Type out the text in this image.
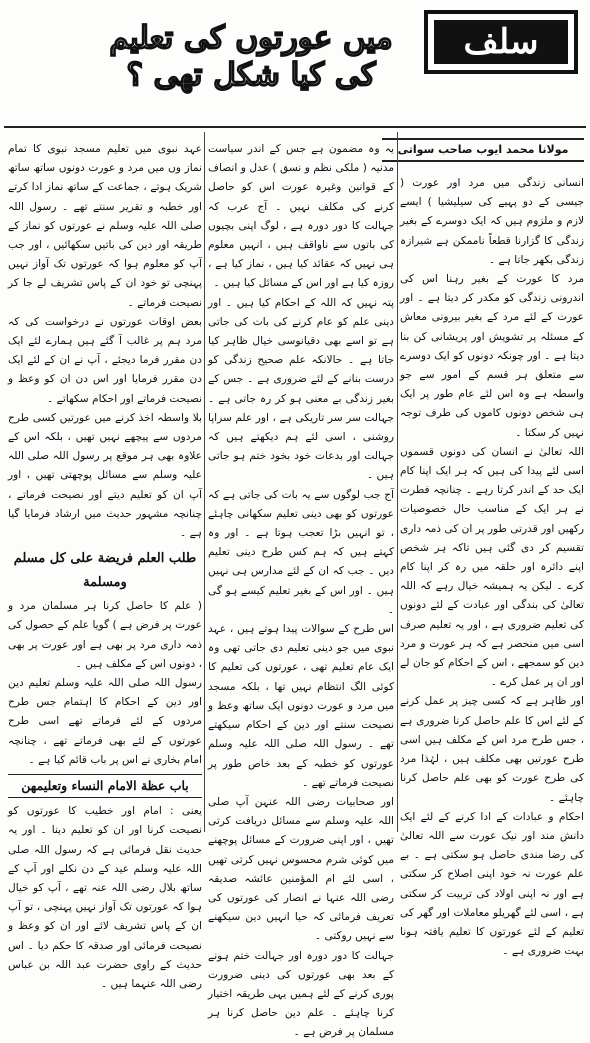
سلف
میں عورتوں کی تعلیم
کی کیا شکل تھی ؟
مولانا محمد ایوب صاحب سواتی

انسانی زندگی میں مرد اور عورت ( جیسی کے دو پہیے کی سیلیشیا ) ایسے لازم و ملزوم ہیں کہ ایک دوسرے کے بغیر زندگی کا گزارنا قطعاً ناممکن ہے شیرازہ زندگی بکھر جاتا ہے ۔

مرد کا عورت کے بغیر رہنا اس کی اندرونی زندگی کو مکدر کر دیتا ہے ۔ اور عورت کے لئے مرد کے بغیر بیرونی معاش کے مسئلہ پر تشویش اور پریشانی کن بنا دیتا ہے ۔ اور چونکہ دونوں کو ایک دوسرے سے متعلق ہر قسم کے امور سے جو واسطہ ہے وہ اس لئے عام طور پر ایک ہی شخص دونوں کاموں کی طرف توجہ نہیں کر سکتا ۔

اللہ تعالیٰ نے انسان کی دونوں قسموں اسی لئے پیدا کی ہیں کہ ہر ایک اپنا کام ایک حد کے اندر کرتا رہے ۔ چنانچہ فطرت نے ہر ایک کے مناسب حال خصوصیات رکھیں اور قدرتی طور پر ان کی ذمہ داری تقسیم کر دی گئی ہیں تاکہ ہر شخص اپنے دائرہ اور حلقہ میں رہ کر اپنا کام کرے ۔ لیکن یہ ہمیشہ خیال رہے کہ اللہ تعالیٰ کی بندگی اور عبادت کے لئے دونوں کی تعلیم ضروری ہے ، اور یہ تعلیم صرف اسی میں منحصر ہے کہ ہر عورت و مرد دین کو سمجھے ، اس کے احکام کو جان لے اور ان پر عمل کرے ۔

اور ظاہر ہے کہ کسی چیز پر عمل کرنے کے لئے اس کا علم حاصل کرنا ضروری ہے ، جس طرح مرد اس کے مکلف ہیں اسی طرح عورتیں بھی مکلف ہیں ، لہٰذا مرد کی طرح عورت کو بھی علم حاصل کرنا چاہئے ۔

احکام و عبادات کے ادا کرنے کے لئے ایک دانش مند اور نیک عورت سے اللہ تعالیٰ کی رضا مندی حاصل ہو سکتی ہے ۔ بے علم عورت نہ خود اپنی اصلاح کر سکتی ہے اور نہ اپنی اولاد کی تربیت کر سکتی ہے ، اسی لئے گھریلو معاملات اور گھر کی تعلیم کے لئے عورتوں کا تعلیم یافتہ ہونا بہت ضروری ہے ۔

یہ وہ مضمون ہے جس کے اندر سیاست مدنیہ ( ملکی نظم و نسق ) عدل و انصاف کے قوانین وغیرہ عورت اس کو حاصل کرنے کی مکلف نہیں ۔ آج عرب کہ جہالت کا دور دورہ ہے ، لوگ اپنی بچیوں کی باتوں سے ناواقف ہیں ، انہیں معلوم ہی نہیں کہ عقائد کیا ہیں ، نماز کیا ہے ، روزہ کیا ہے اور اس کے مسائل کیا ہیں ۔

پتہ نہیں کہ اللہ کے احکام کیا ہیں ۔ اور دینی علم کو عام کرنے کی بات کی جاتی ہے تو اسے بھی دقیانوسی خیال ظاہر کیا جاتا ہے ۔ حالانکہ علم صحیح زندگی کو درست بنانے کے لئے ضروری ہے ۔ جس کے بغیر زندگی بے معنی ہو کر رہ جاتی ہے ۔ جہالت سر سر تاریکی ہے ، اور علم سراپا روشنی ، اسی لئے ہم دیکھتے ہیں کہ جہالت اور بدعات خود بخود ختم ہو جاتی ہیں ۔

آج جب لوگوں سے یہ بات کی جاتی ہے کہ عورتوں کو بھی دینی تعلیم سکھانی چاہئے ، تو انہیں بڑا تعجب ہوتا ہے ۔ اور وہ کہتے ہیں کہ ہم کس طرح دینی تعلیم دیں ۔ جب کہ ان کے لئے مدارس ہی نہیں ہیں ۔ اور اس کے بغیر تعلیم کیسے ہو گی ۔

اس طرح کے سوالات پیدا ہوتے ہیں ، عہد نبوی میں جو دینی تعلیم دی جاتی تھی وہ ایک عام تعلیم تھی ، عورتوں کی تعلیم کا کوئی الگ انتظام نہیں تھا ، بلکہ مسجد میں مرد و عورت دونوں ایک ساتھ وعظ و نصیحت سنتے اور دین کے احکام سیکھتے تھے ۔ رسول اللہ صلی اللہ علیہ وسلم عورتوں کو خطبہ کے بعد خاص طور پر نصیحت فرماتے تھے ۔

اور صحابیات رضی اللہ عنہن آپ صلی اللہ علیہ وسلم سے مسائل دریافت کرتی تھیں ، اور اپنی ضرورت کے مسائل پوچھنے میں کوئی شرم محسوس نہیں کرتی تھیں ، اسی لئے ام المؤمنین عائشہ صدیقہ رضی اللہ عنہا نے انصار کی عورتوں کی تعریف فرمائی کہ حیا انہیں دین سیکھنے سے نہیں روکتی ۔

جہالت کا دور دورہ اور جہالت ختم ہونے کے بعد بھی عورتوں کی دینی ضرورت پوری کرنے کے لئے ہمیں یہی طریقہ اختیار کرنا چاہئے ۔ علم دین حاصل کرنا ہر مسلمان پر فرض ہے ۔

عہد نبوی میں تعلیم مسجد نبوی کا تمام نماز وں میں مرد و عورت دونوں ساتھ ساتھ شریک ہوتے ، جماعت کے ساتھ نماز ادا کرتے اور خطبہ و تقریر سنتے تھے ۔ رسول اللہ صلی اللہ علیہ وسلم نے عورتوں کو نماز کے طریقہ اور دین کی باتیں سکھائیں ، اور جب آپ کو معلوم ہوا کہ عورتوں تک آواز نہیں پہنچی تو خود ان کے پاس تشریف لے جا کر نصیحت فرماتے ۔

بعض اوقات عورتوں نے درخواست کی کہ مرد ہم پر غالب آ گئے ہیں ہمارے لئے ایک دن مقرر فرما دیجئے ، آپ نے ان کے لئے ایک دن مقرر فرمایا اور اس دن ان کو وعظ و نصیحت فرماتے اور احکام سکھاتے ۔

بلا واسطہ اخذ کرنے میں عورتیں کسی طرح مردوں سے پیچھے نہیں تھیں ، بلکہ اس کے علاوہ بھی ہر موقع پر رسول اللہ صلی اللہ علیہ وسلم سے مسائل پوچھتی تھیں ، اور آپ ان کو تعلیم دیتے اور نصیحت فرماتے ، چنانچہ مشہور حدیث میں ارشاد فرمایا گیا ہے ۔

طلب العلم فریضة علی کل مسلم ومسلمة

( علم کا حاصل کرنا ہر مسلمان مرد و عورت پر فرض ہے ) گویا علم کے حصول کی ذمہ داری مرد پر بھی ہے اور عورت پر بھی ، دونوں اس کے مکلف ہیں ۔

رسول اللہ صلی اللہ علیہ وسلم تعلیم دین اور دین کے احکام کا اہتمام جس طرح مردوں کے لئے فرماتے تھے اسی طرح عورتوں کے لئے بھی فرماتے تھے ، چنانچہ امام بخاری نے اس پر باب قائم کیا ہے ۔

باب عظة الامام النساء وتعلیمھن

یعنی : امام اور خطیب کا عورتوں کو نصیحت کرنا اور ان کو تعلیم دینا ۔ اور یہ حدیث نقل فرمائی ہے کہ رسول اللہ صلی اللہ علیہ وسلم عید کے دن نکلے اور آپ کے ساتھ بلال رضی اللہ عنہ تھے ، آپ کو خیال ہوا کہ عورتوں تک آواز نہیں پہنچی ، تو آپ ان کے پاس تشریف لائے اور ان کو وعظ و نصیحت فرمائی اور صدقہ کا حکم دیا ۔ اس حدیث کے راوی حضرت عبد اللہ بن عباس رضی اللہ عنہما ہیں ۔
